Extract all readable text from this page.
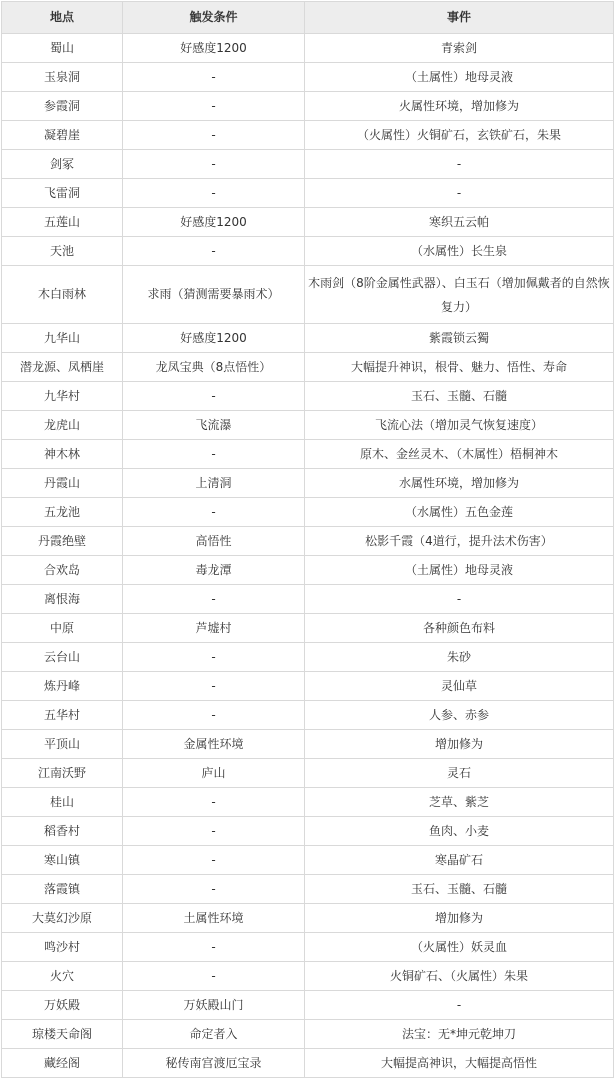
地点	触发条件	事件
蜀山	好感度1200	青索剑
玉泉洞	-	（土属性）地母灵液
参霞洞	-	火属性环境，增加修为
凝碧崖	-	（火属性）火铜矿石，玄铁矿石，朱果
剑冢	-	-
飞雷洞	-	-
五莲山	好感度1200	寒织五云帕
天池	-	（水属性）长生泉
木白雨林	求雨（猜测需要暴雨术）	木雨剑（8阶金属性武器）、白玉石（增加佩戴者的自然恢复力）
九华山	好感度1200	紫霞锁云獨
潜龙源、凤栖崖	龙凤宝典（8点悟性）	大幅提升神识，根骨、魅力、悟性、寿命
九华村	-	玉石、玉髓、石髓
龙虎山	飞流瀑	飞流心法（增加灵气恢复速度）
神木林	-	原木、金丝灵木、（木属性）梧桐神木
丹霞山	上清洞	水属性环境，增加修为
五龙池	-	（水属性）五色金莲
丹霞绝壁	高悟性	松影千霞（4道行，提升法术伤害）
合欢岛	毒龙潭	（土属性）地母灵液
离恨海	-	-
中原	芦墟村	各种颜色布料
云台山	-	朱砂
炼丹峰	-	灵仙草
五华村	-	人参、赤参
平顶山	金属性环境	增加修为
江南沃野	庐山	灵石
桂山	-	芝草、紫芝
稻香村	-	鱼肉、小麦
寒山镇	-	寒晶矿石
落霞镇	-	玉石、玉髓、石髓
大莫幻沙原	土属性环境	增加修为
鸣沙村	-	（火属性）妖灵血
火穴	-	火铜矿石、（火属性）朱果
万妖殿	万妖殿山门	-
琼楼天命阁	命定者入	法宝：无*坤元乾坤刀
藏经阁	秘传南宫渡厄宝录	大幅提高神识，大幅提高悟性
